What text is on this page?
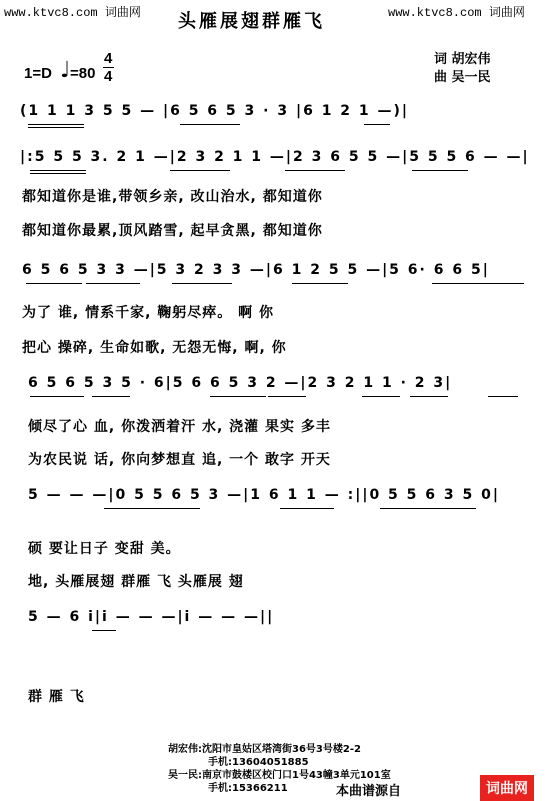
www.ktvc8.com 词曲网 头雁展翅群雁飞	www.ktvc8.com 词曲网
1=D ♩ =80
4
4
词 胡宏伟
曲 吴一民
(1 1 1 3 5 5 — |6 5 6 5 3 · 3 |6 1 2 1 —)|
|:5 5 5 3. 2 1 —|2 3 2 1 1 —|2 3 6 5 5 —|5 5 5 6 — —|
都知道你是谁,带领乡亲, 改山治水, 都知道你
都知道你最累,顶风踏雪, 起早贪黑, 都知道你
6 5 6 5 3 3 —|5 3 2 3 3 —|6 1 2 5 5 —|5 6· 6 6 5|
为了 谁, 情系千家, 鞠躬尽瘁。 啊 你
把心 操碎, 生命如歌, 无怨无悔, 啊, 你
6 5 6 5 3 5 · 6|5 6 6 5 3 2 —|2 3 2 1 1 · 2 3|
倾尽了心 血, 你泼洒着汗 水, 浇灌 果实 多丰
为农民说 话, 你向梦想直 追, 一个 敢字 开天
5 — — —|0 5 5 6 5 3 —|1 6 1 1 — :||0 5 5 6 3 5 0|
硕 要让日子 变甜 美。
地, 头雁展翅 群雁 飞 头雁展 翅
5 — 6 i|i — — —|i — — —||
群 雁 飞
胡宏伟:沈阳市皇姑区塔湾街36号3号楼2-2
手机:13604051885
吴一民:南京市鼓楼区校门口1号43幢3单元101室
手机:15366211	本曲谱源自	词曲网
